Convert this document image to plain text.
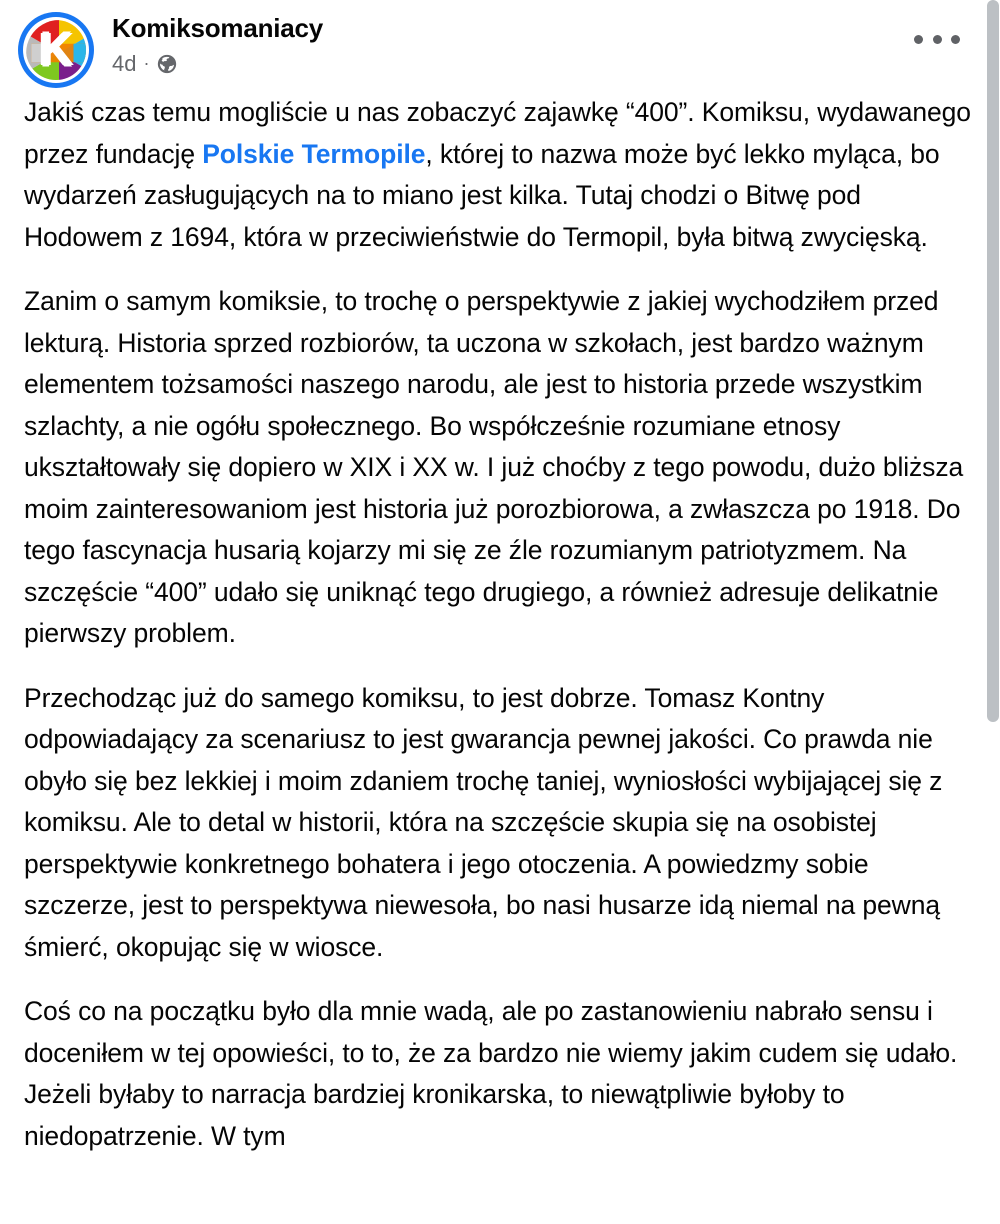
K	Komiksomaniacy
4d ·

Jakiś czas temu mogliście u nas zobaczyć zajawkę “400”. Komiksu, wydawanego przez fundację Polskie Termopile, której to nazwa może być lekko myląca, bo wydarzeń zasługujących na to miano jest kilka. Tutaj chodzi o Bitwę pod Hodowem z 1694, która w przeciwieństwie do Termopil, była bitwą zwycięską.

Zanim o samym komiksie, to trochę o perspektywie z jakiej wychodziłem przed lekturą. Historia sprzed rozbiorów, ta uczona w szkołach, jest bardzo ważnym elementem tożsamości naszego narodu, ale jest to historia przede wszystkim szlachty, a nie ogółu społecznego. Bo współcześnie rozumiane etnosy ukształtowały się dopiero w XIX i XX w. I już choćby z tego powodu, dużo bliższa moim zainteresowaniom jest historia już porozbiorowa, a zwłaszcza po 1918. Do tego fascynacja husarią kojarzy mi się ze źle rozumianym patriotyzmem. Na szczęście “400” udało się uniknąć tego drugiego, a również adresuje delikatnie pierwszy problem.

Przechodząc już do samego komiksu, to jest dobrze. Tomasz Kontny odpowiadający za scenariusz to jest gwarancja pewnej jakości. Co prawda nie obyło się bez lekkiej i moim zdaniem trochę taniej, wyniosłości wybijającej się z komiksu. Ale to detal w historii, która na szczęście skupia się na osobistej perspektywie konkretnego bohatera i jego otoczenia. A powiedzmy sobie szczerze, jest to perspektywa niewesoła, bo nasi husarze idą niemal na pewną śmierć, okopując się w wiosce.

Coś co na początku było dla mnie wadą, ale po zastanowieniu nabrało sensu i doceniłem w tej opowieści, to to, że za bardzo nie wiemy jakim cudem się udało. Jeżeli byłaby to narracja bardziej kronikarska, to niewątpliwie byłoby to niedopatrzenie. W tym
